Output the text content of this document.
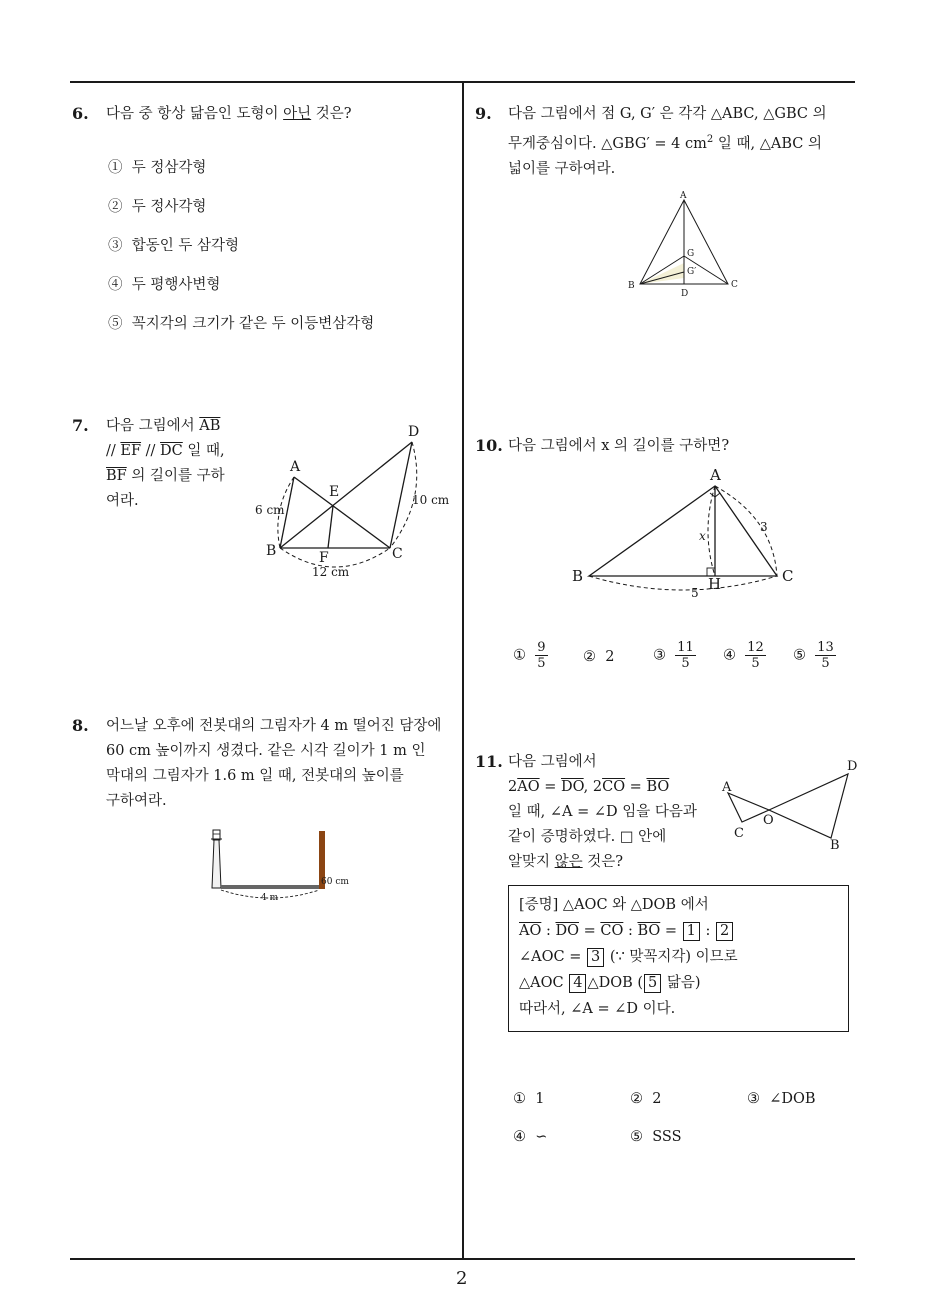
2
6. 다음 중 항상 닮음인 도형이 아닌 것은?
① 두 정삼각형
② 두 정사각형
③ 합동인 두 삼각형
④ 두 평행사변형
⑤ 꼭지각의 크기가 같은 두 이등변삼각형
7. 다음 그림에서 $\overline{AB}$
// $\overline{EF} // \overline{DC}$ 일 때,
$\overline{BF}$ 의 길이를 구하
여라.
A
B	C
D
E
F
6 cm
12 cm
10 cm
8. 어느날 오후에 전봇대의 그림자가 4 m 떨어진 담장에
60 cm 높이까지 생겼다. 같은 시각 길이가 1 m 인
막대의 그림자가 1.6 m 일 때, 전봇대의 높이를
구하여라.
4 m
60 cm
9. 다음 그림에서 점 G, G′ 은 각각 △ABC, △GBC 의
무게중심이다. △GBG′ = 4 $cm^2$ 일 때, △ABC 의
넓이를 구하여라.
A
B	C
D
G
G′
10. 다음 그림에서 x 의 길이를 구하면?
A
B	C
H
x
3
5
① $\frac{9}{5}$ ② 2	③ $\frac{11}{5}$ ④ $\frac{12}{5}$ ⑤ $\frac{13}{5}$
11. 다음 그림에서
$2\overline{AO} = \overline{DO}$, $2\overline{CO} = \overline{BO}$
일 때, ∠A = ∠D 임을 다음과
같이 증명하였다. □ 안에
알맞지 않은 것은?
A
C
O
D
B
[증명] △AOC 와 △DOB 에서
$\overline{AO}$ : $\overline{DO} = \overline{CO}$ : $\overline{BO} = 1$ : 2
∠AOC = 3 (∵ 맞꼭지각) 이므로
△AOC 4 △DOB ( 5 닮음)
따라서, ∠A = ∠D 이다.
① 1	② 2	③ ∠DOB
④ ∽	⑤ SSS
